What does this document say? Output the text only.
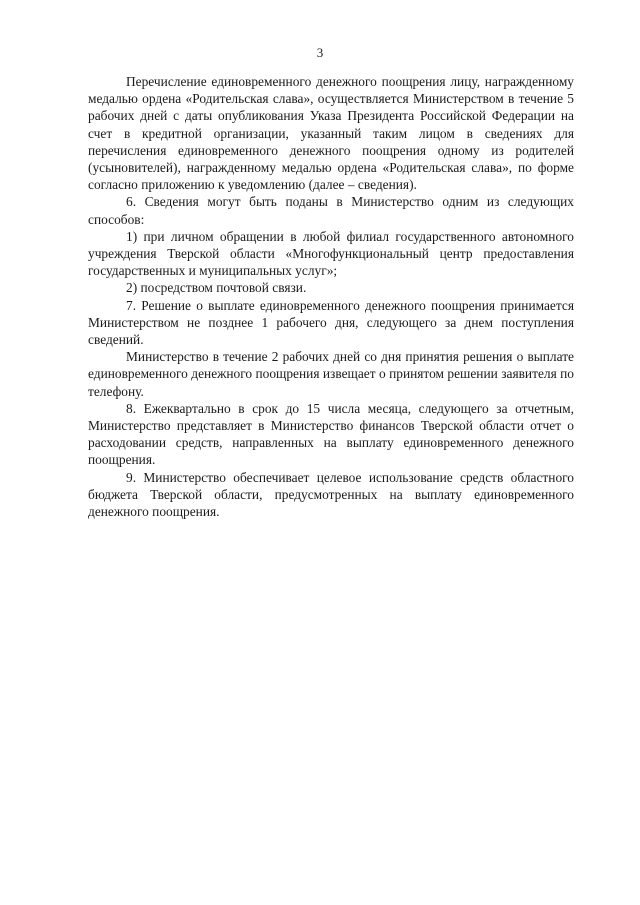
3

Перечисление единовременного денежного поощрения лицу, награжденному медалью ордена «Родительская слава», осуществляется Министерством в течение 5 рабочих дней с даты опубликования Указа Президента Российской Федерации на счет в кредитной организации, указанный таким лицом в сведениях для перечисления единовременного денежного поощрения одному из родителей (усыновителей), награжденному медалью ордена «Родительская слава», по форме согласно приложению к уведомлению (далее – сведения).

6. Сведения могут быть поданы в Министерство одним из следующих способов:

1) при личном обращении в любой филиал государственного автономного учреждения Тверской области «Многофункциональный центр предоставления государственных и муниципальных услуг»;

2) посредством почтовой связи.

7. Решение о выплате единовременного денежного поощрения принимается Министерством не позднее 1 рабочего дня, следующего за днем поступления сведений.

Министерство в течение 2 рабочих дней со дня принятия решения о выплате единовременного денежного поощрения извещает о принятом решении заявителя по телефону.

8. Ежеквартально в срок до 15 числа месяца, следующего за отчетным, Министерство представляет в Министерство финансов Тверской области отчет о расходовании средств, направленных на выплату единовременного денежного поощрения.

9. Министерство обеспечивает целевое использование средств областного бюджета Тверской области, предусмотренных на выплату единовременного денежного поощрения.
